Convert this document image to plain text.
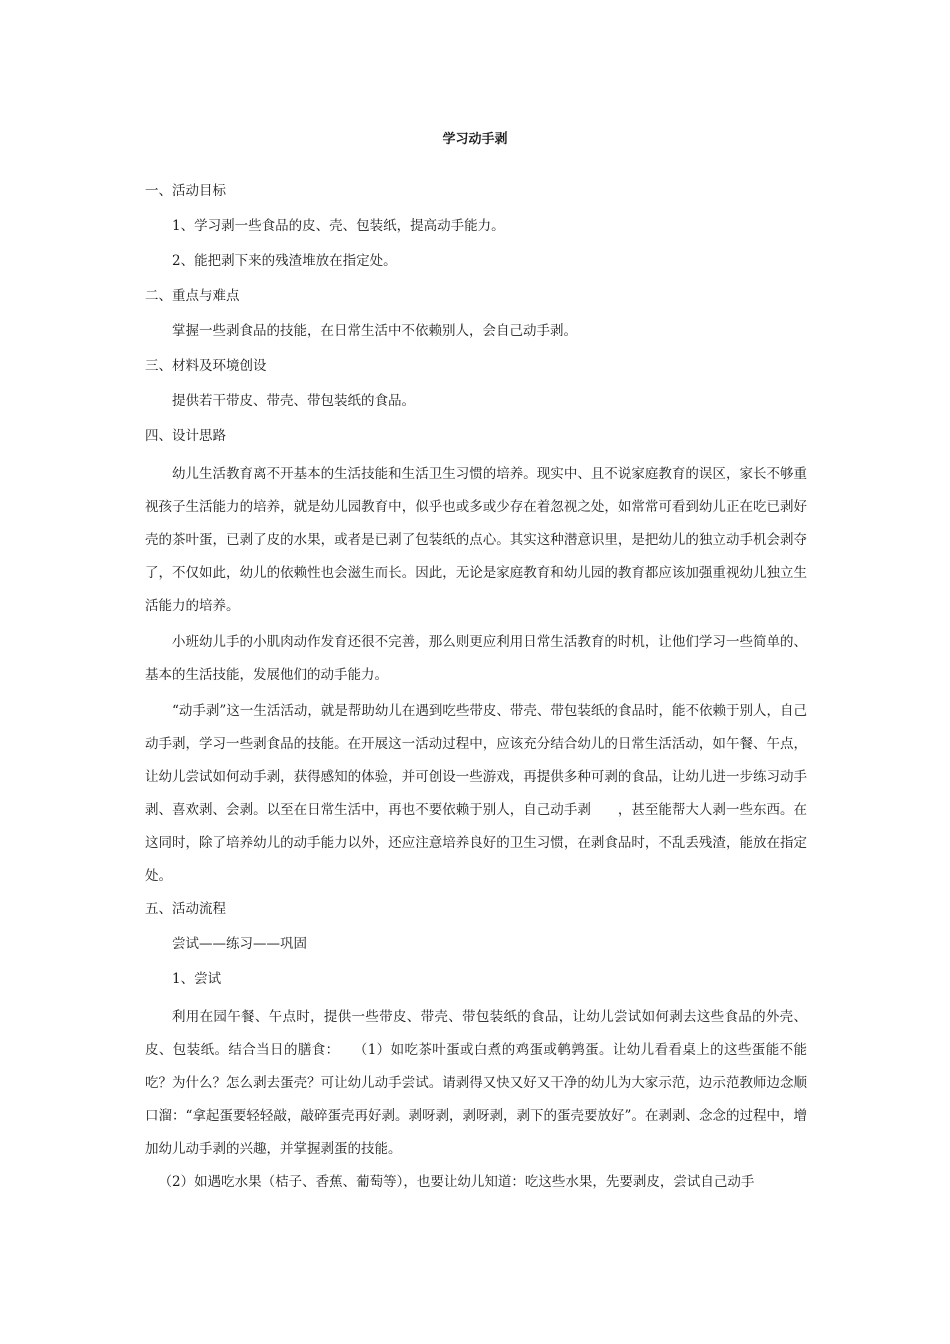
学习动手剥

一、活动目标

1、学习剥一些食品的皮、壳、包装纸，提高动手能力。

2、能把剥下来的残渣堆放在指定处。

二、重点与难点

掌握一些剥食品的技能，在日常生活中不依赖别人，会自己动手剥。

三、材料及环境创设

提供若干带皮、带壳、带包装纸的食品。

四、设计思路

幼儿生活教育离不开基本的生活技能和生活卫生习惯的培养。现实中、且不说家庭教育的误区，家长不够重视孩子生活能力的培养，就是幼儿园教育中，似乎也或多或少存在着忽视之处，如常常可看到幼儿正在吃已剥好壳的茶叶蛋，已剥了皮的水果，或者是已剥了包装纸的点心。其实这种潜意识里，是把幼儿的独立动手机会剥夺了，不仅如此，幼儿的依赖性也会滋生而长。因此，无论是家庭教育和幼儿园的教育都应该加强重视幼儿独立生活能力的培养。

小班幼儿手的小肌肉动作发育还很不完善，那么则更应利用日常生活教育的时机，让他们学习一些简单的、基本的生活技能，发展他们的动手能力。

“动手剥”这一生活活动，就是帮助幼儿在遇到吃些带皮、带壳、带包装纸的食品时，能不依赖于别人，自己动手剥，学习一些剥食品的技能。在开展这一活动过程中，应该充分结合幼儿的日常生活活动，如午餐、午点，让幼儿尝试如何动手剥，获得感知的体验，并可创设一些游戏，再提供多种可剥的食品，让幼儿进一步练习动手剥、喜欢剥、会剥。以至在日常生活中，再也不要依赖于别人，自己动手剥　　，甚至能帮大人剥一些东西。在这同时，除了培养幼儿的动手能力以外，还应注意培养良好的卫生习惯，在剥食品时，不乱丢残渣，能放在指定处。

五、活动流程

尝试——练习——巩固

1、尝试

利用在园午餐、午点时，提供一些带皮、带壳、带包装纸的食品，让幼儿尝试如何剥去这些食品的外壳、皮、包装纸。结合当日的膳食：　　（1）如吃茶叶蛋或白煮的鸡蛋或鹌鹑蛋。让幼儿看看桌上的这些蛋能不能吃？为什么？怎么剥去蛋壳？可让幼儿动手尝试。请剥得又快又好又干净的幼儿为大家示范，边示范教师边念顺口溜：“拿起蛋要轻轻敲，敲碎蛋壳再好剥。剥呀剥，剥呀剥，剥下的蛋壳要放好”。在剥剥、念念的过程中，增加幼儿动手剥的兴趣，并掌握剥蛋的技能。

（2）如遇吃水果（桔子、香蕉、葡萄等），也要让幼儿知道：吃这些水果，先要剥皮，尝试自己动手
